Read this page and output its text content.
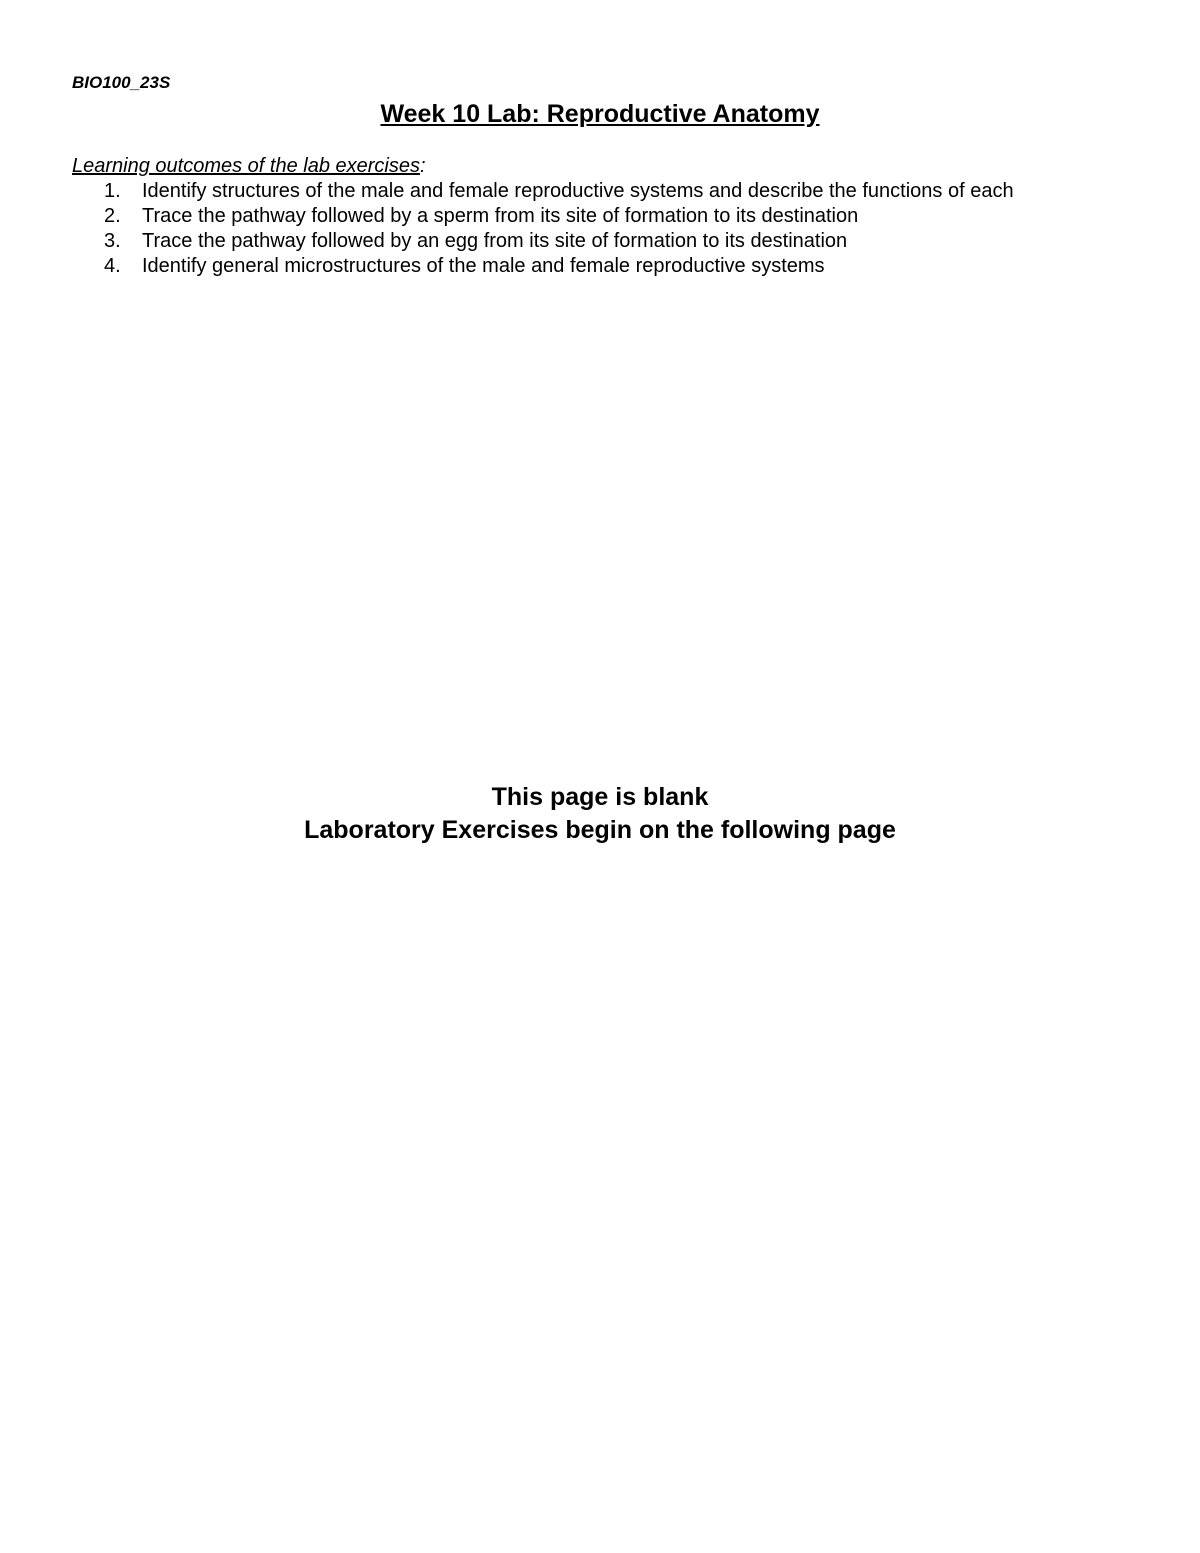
BIO100_23S
Week 10 Lab: Reproductive Anatomy
Learning outcomes of the lab exercises:
1.	Identify structures of the male and female reproductive systems and describe the functions of each
2.	Trace the pathway followed by a sperm from its site of formation to its destination
3.	Trace the pathway followed by an egg from its site of formation to its destination
4.	Identify general microstructures of the male and female reproductive systems
This page is blank
Laboratory Exercises begin on the following page
